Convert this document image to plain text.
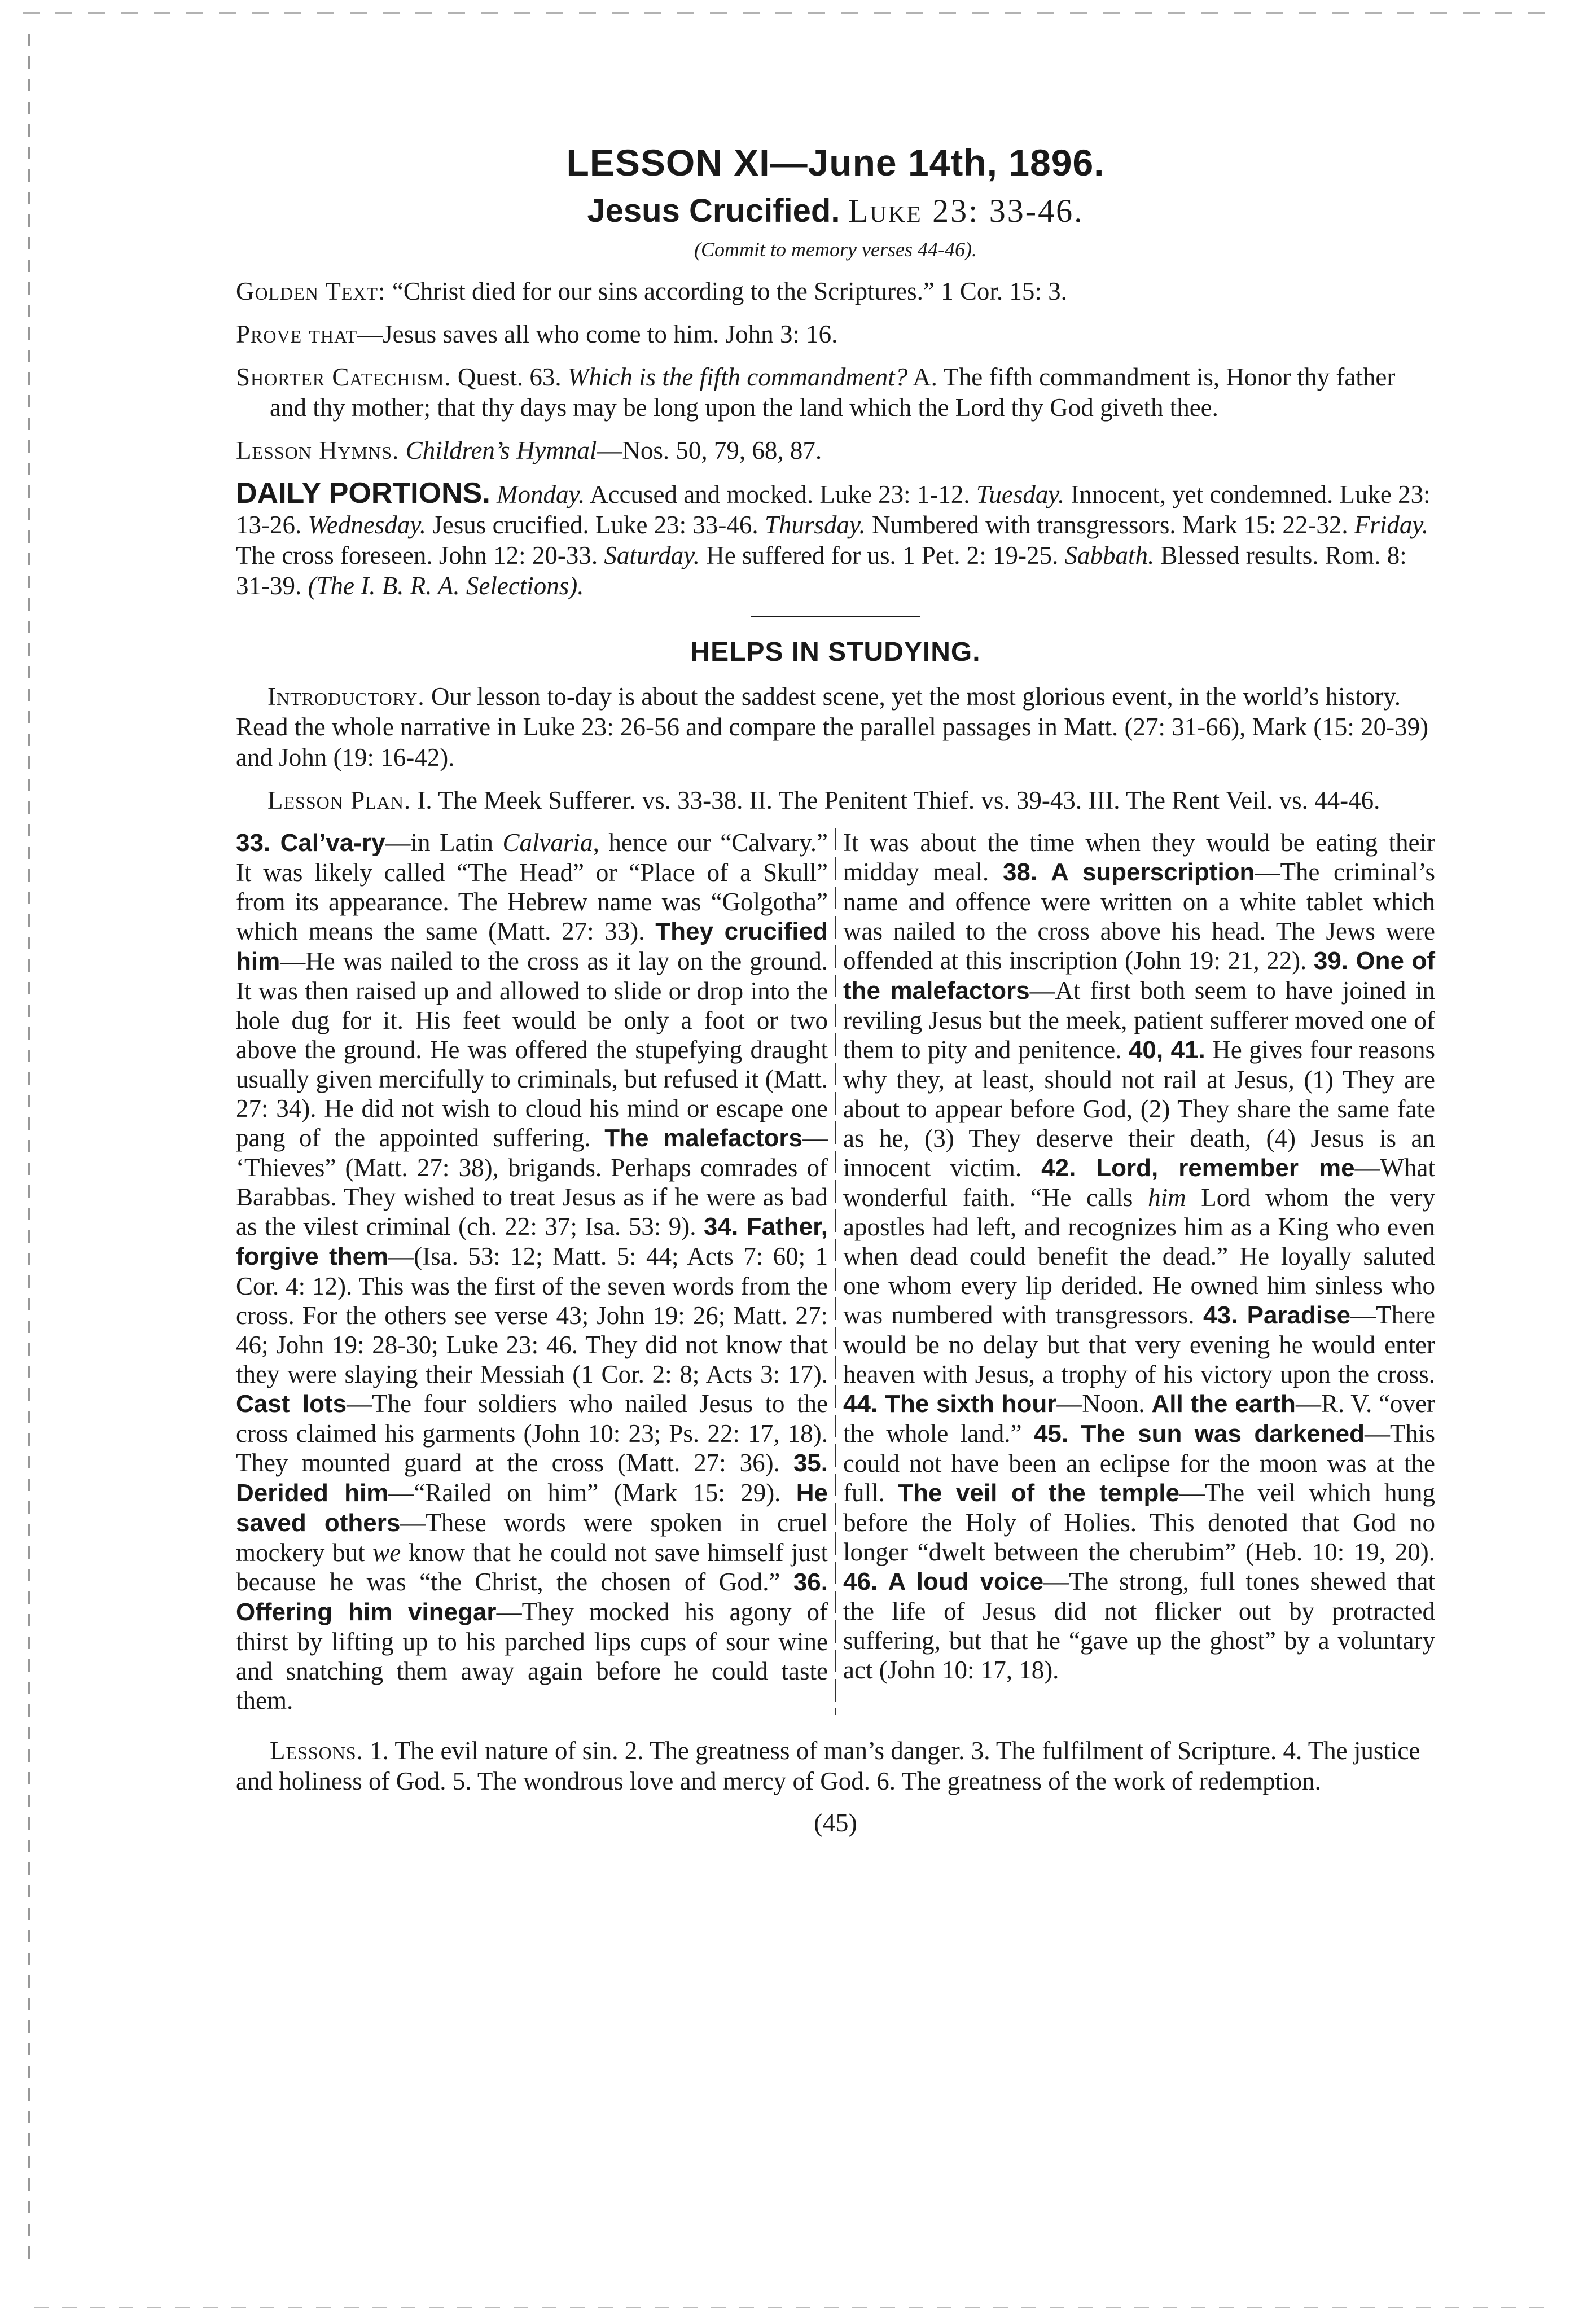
LESSON XI—June 14th, 1896.
Jesus Crucified. Luke 23: 33-46.

(Commit to memory verses 44-46).

Golden Text: “Christ died for our sins according to the Scriptures.” 1 Cor. 15: 3.

Prove that—Jesus saves all who come to him. John 3: 16.

Shorter Catechism. Quest. 63. Which is the fifth commandment? A. The fifth commandment is, Honor thy father and thy mother; that thy days may be long upon the land which the Lord thy God giveth thee.

Lesson Hymns. Children’s Hymnal—Nos. 50, 79, 68, 87.

DAILY PORTIONS. Monday. Accused and mocked. Luke 23: 1-12. Tuesday. Innocent, yet condemned. Luke 23: 13-26. Wednesday. Jesus crucified. Luke 23: 33-46. Thursday. Numbered with transgressors. Mark 15: 22-32. Friday. The cross foreseen. John 12: 20-33. Saturday. He suffered for us. 1 Pet. 2: 19-25. Sabbath. Blessed results. Rom. 8: 31-39. (The I. B. R. A. Selections).

HELPS IN STUDYING.

Introductory. Our lesson to-day is about the saddest scene, yet the most glorious event, in the world’s history. Read the whole narrative in Luke 23: 26-56 and compare the parallel passages in Matt. (27: 31-66), Mark (15: 20-39) and John (19: 16-42).

Lesson Plan. I. The Meek Sufferer. vs. 33-38. II. The Penitent Thief. vs. 39-43. III. The Rent Veil. vs. 44-46.

33. Cal’va-ry—in Latin Calvaria, hence our “Calvary.” It was likely called “The Head” or “Place of a Skull” from its appearance. The Hebrew name was “Golgotha” which means the same (Matt. 27: 33). They crucified him—He was nailed to the cross as it lay on the ground. It was then raised up and allowed to slide or drop into the hole dug for it. His feet would be only a foot or two above the ground. He was offered the stupefying draught usually given mercifully to criminals, but refused it (Matt. 27: 34). He did not wish to cloud his mind or escape one pang of the appointed suffering. The malefactors— ‘Thieves” (Matt. 27: 38), brigands. Perhaps comrades of Barabbas. They wished to treat Jesus as if he were as bad as the vilest criminal (ch. 22: 37; Isa. 53: 9). 34. Father, forgive them—(Isa. 53: 12; Matt. 5: 44; Acts 7: 60; 1 Cor. 4: 12). This was the first of the seven words from the cross. For the others see verse 43; John 19: 26; Matt. 27: 46; John 19: 28-30; Luke 23: 46. They did not know that they were slaying their Messiah (1 Cor. 2: 8; Acts 3: 17). Cast lots—The four soldiers who nailed Jesus to the cross claimed his garments (John 10: 23; Ps. 22: 17, 18). They mounted guard at the cross (Matt. 27: 36). 35. Derided him—“Railed on him” (Mark 15: 29). He saved others—These words were spoken in cruel mockery but we know that he could not save himself just because he was “the Christ, the chosen of God.” 36. Offering him vinegar—They mocked his agony of thirst by lifting up to his parched lips cups of sour wine and snatching them away again before he could taste them.
It was about the time when they would be eating their midday meal. 38. A superscription—The criminal’s name and offence were written on a white tablet which was nailed to the cross above his head. The Jews were offended at this inscription (John 19: 21, 22). 39. One of the malefactors—At first both seem to have joined in reviling Jesus but the meek, patient sufferer moved one of them to pity and penitence. 40, 41. He gives four reasons why they, at least, should not rail at Jesus, (1) They are about to appear before God, (2) They share the same fate as he, (3) They deserve their death, (4) Jesus is an innocent victim. 42. Lord, remember me—What wonderful faith. “He calls him Lord whom the very apostles had left, and recognizes him as a King who even when dead could benefit the dead.” He loyally saluted one whom every lip derided. He owned him sinless who was numbered with transgressors. 43. Paradise—There would be no delay but that very evening he would enter heaven with Jesus, a trophy of his victory upon the cross. 44. The sixth hour—Noon. All the earth—R. V. “over the whole land.” 45. The sun was darkened—This could not have been an eclipse for the moon was at the full. The veil of the temple—The veil which hung before the Holy of Holies. This denoted that God no longer “dwelt between the cherubim” (Heb. 10: 19, 20). 46. A loud voice—The strong, full tones shewed that the life of Jesus did not flicker out by protracted suffering, but that he “gave up the ghost” by a voluntary act (John 10: 17, 18).

Lessons. 1. The evil nature of sin. 2. The greatness of man’s danger. 3. The fulfilment of Scripture. 4. The justice and holiness of God. 5. The wondrous love and mercy of God. 6. The greatness of the work of redemption.

(45)
